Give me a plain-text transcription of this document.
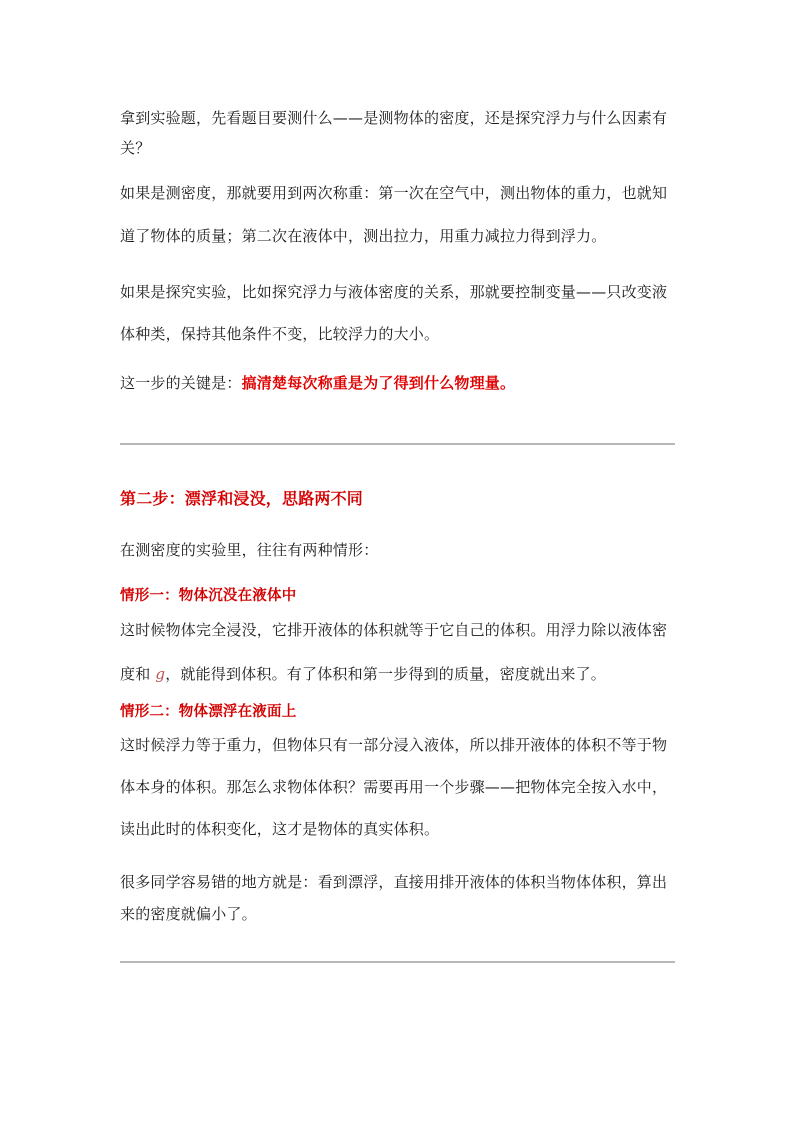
拿到实验题，先看题目要测什么——是测物体的密度，还是探究浮力与什么因素有关？

如果是测密度，那就要用到两次称重：第一次在空气中，测出物体的重力，也就知道了物体的质量；第二次在液体中，测出拉力，用重力减拉力得到浮力。

如果是探究实验，比如探究浮力与液体密度的关系，那就要控制变量——只改变液体种类，保持其他条件不变，比较浮力的大小。

这一步的关键是：搞清楚每次称重是为了得到什么物理量。

第二步：漂浮和浸没，思路两不同

在测密度的实验里，往往有两种情形：

情形一：物体沉没在液体中

这时候物体完全浸没，它排开液体的体积就等于它自己的体积。用浮力除以液体密度和 g，就能得到体积。有了体积和第一步得到的质量，密度就出来了。

情形二：物体漂浮在液面上

这时候浮力等于重力，但物体只有一部分浸入液体，所以排开液体的体积不等于物体本身的体积。那怎么求物体体积？需要再用一个步骤——把物体完全按入水中，读出此时的体积变化，这才是物体的真实体积。

很多同学容易错的地方就是：看到漂浮，直接用排开液体的体积当物体体积，算出来的密度就偏小了。
